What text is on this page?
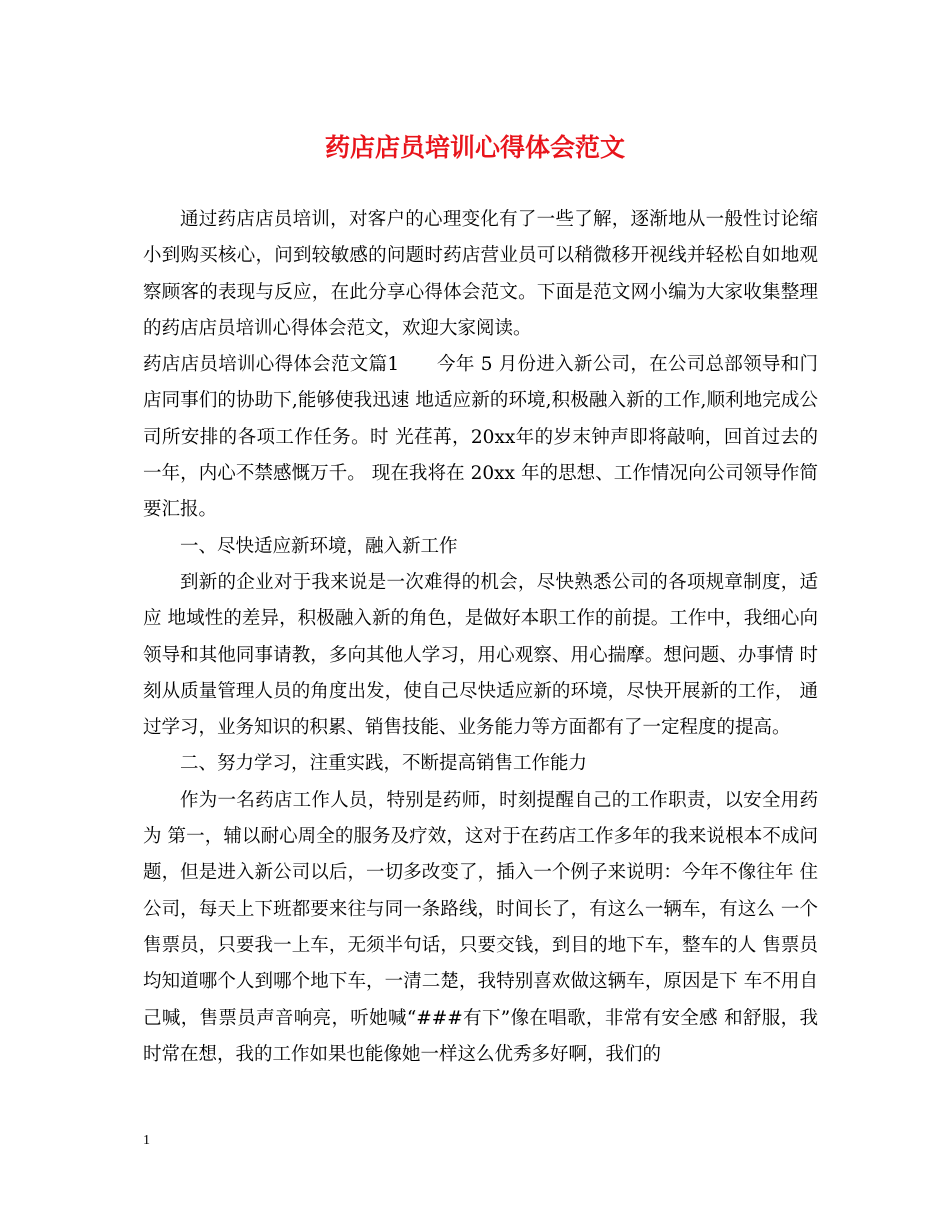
药店店员培训心得体会范文

通过药店店员培训，对客户的心理变化有了一些了解，逐渐地从一般性讨论缩小到购买核心，问到较敏感的问题时药店营业员可以稍微移开视线并轻松自如地观察顾客的表现与反应，在此分享心得体会范文。下面是范文网小编为大家收集整理的药店店员培训心得体会范文，欢迎大家阅读。

药店店员培训心得体会范文篇1　　今年 5 月份进入新公司，在公司总部领导和门店同事们的协助下,能够使我迅速 地适应新的环境,积极融入新的工作,顺利地完成公司所安排的各项工作任务。时 光荏苒，20xx年的岁末钟声即将敲响，回首过去的一年，内心不禁感慨万千。 现在我将在 20xx 年的思想、工作情况向公司领导作简要汇报。

一、尽快适应新环境，融入新工作

到新的企业对于我来说是一次难得的机会，尽快熟悉公司的各项规章制度，适应 地域性的差异，积极融入新的角色，是做好本职工作的前提。工作中，我细心向 领导和其他同事请教，多向其他人学习，用心观察、用心揣摩。想问题、办事情 时刻从质量管理人员的角度出发，使自己尽快适应新的环境，尽快开展新的工作， 通过学习，业务知识的积累、销售技能、业务能力等方面都有了一定程度的提高。

二、努力学习，注重实践，不断提高销售工作能力

作为一名药店工作人员，特别是药师，时刻提醒自己的工作职责，以安全用药为 第一，辅以耐心周全的服务及疗效，这对于在药店工作多年的我来说根本不成问 题，但是进入新公司以后，一切多改变了，插入一个例子来说明：今年不像往年 住公司，每天上下班都要来往与同一条路线，时间长了，有这么一辆车，有这么 一个售票员，只要我一上车，无须半句话，只要交钱，到目的地下车，整车的人 售票员均知道哪个人到哪个地下车，一清二楚，我特别喜欢做这辆车，原因是下 车不用自己喊，售票员声音响亮，听她喊“###有下”像在唱歌，非常有安全感 和舒服，我时常在想，我的工作如果也能像她一样这么优秀多好啊，我们的

1
